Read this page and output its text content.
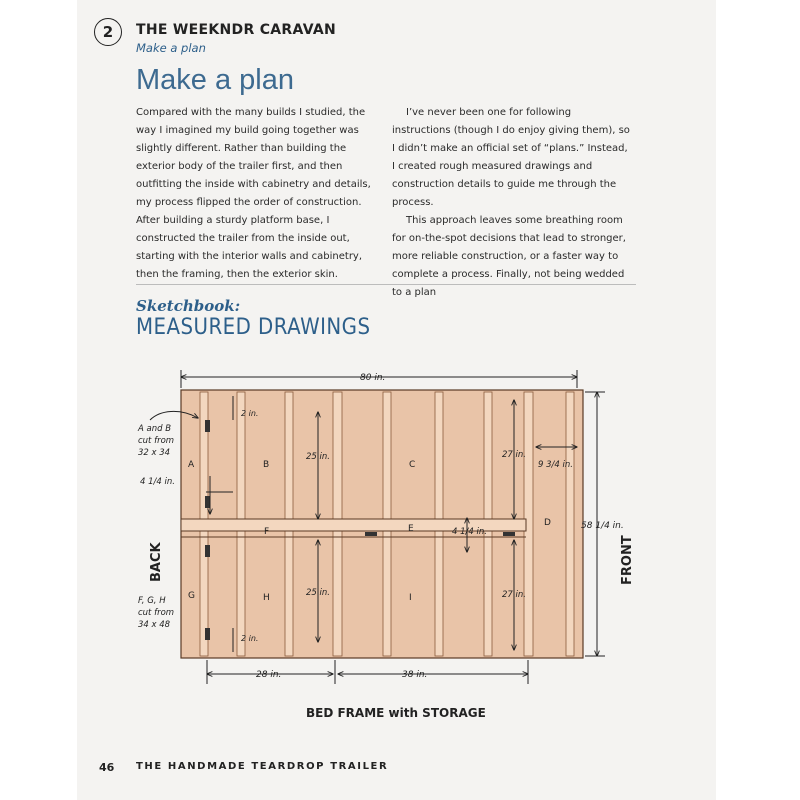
2	THE WEEKNDR CARAVAN
Make a plan
Make a plan

Compared with the many builds I studied, the way I imagined my build going together was slightly different. Rather than building the exterior body of the trailer first, and then outfitting the inside with cabinetry and details, my process flipped the order of construction. After building a sturdy platform base, I constructed the trailer from the inside out, starting with the interior walls and cabinetry, then the framing, then the exterior skin.

I’ve never been one for following instructions (though I do enjoy giving them), so I didn’t make an official set of “plans.” Instead, I created rough measured drawings and construction details to guide me through the process.

This approach leaves some breathing room for on-the-spot decisions that lead to stronger, more reliable construction, or a faster way to complete a process. Finally, not being wedded to a plan

Sketchbook:
MEASURED DRAWINGS
80 in.
58 1/4 in.
28 in.	38 in.
25 in.
25 in.
27 in.
27 in.
2 in.
2 in.
9 3/4 in.
4 1/4 in.
4 1/4 in.
A and B cut from 32 x 34
F, G, H cut from 34 x 48
BACK	FRONT
A	B	C
D
E
F
G	H	I
BED FRAME with STORAGE
46 THE HANDMADE TEARDROP TRAILER
